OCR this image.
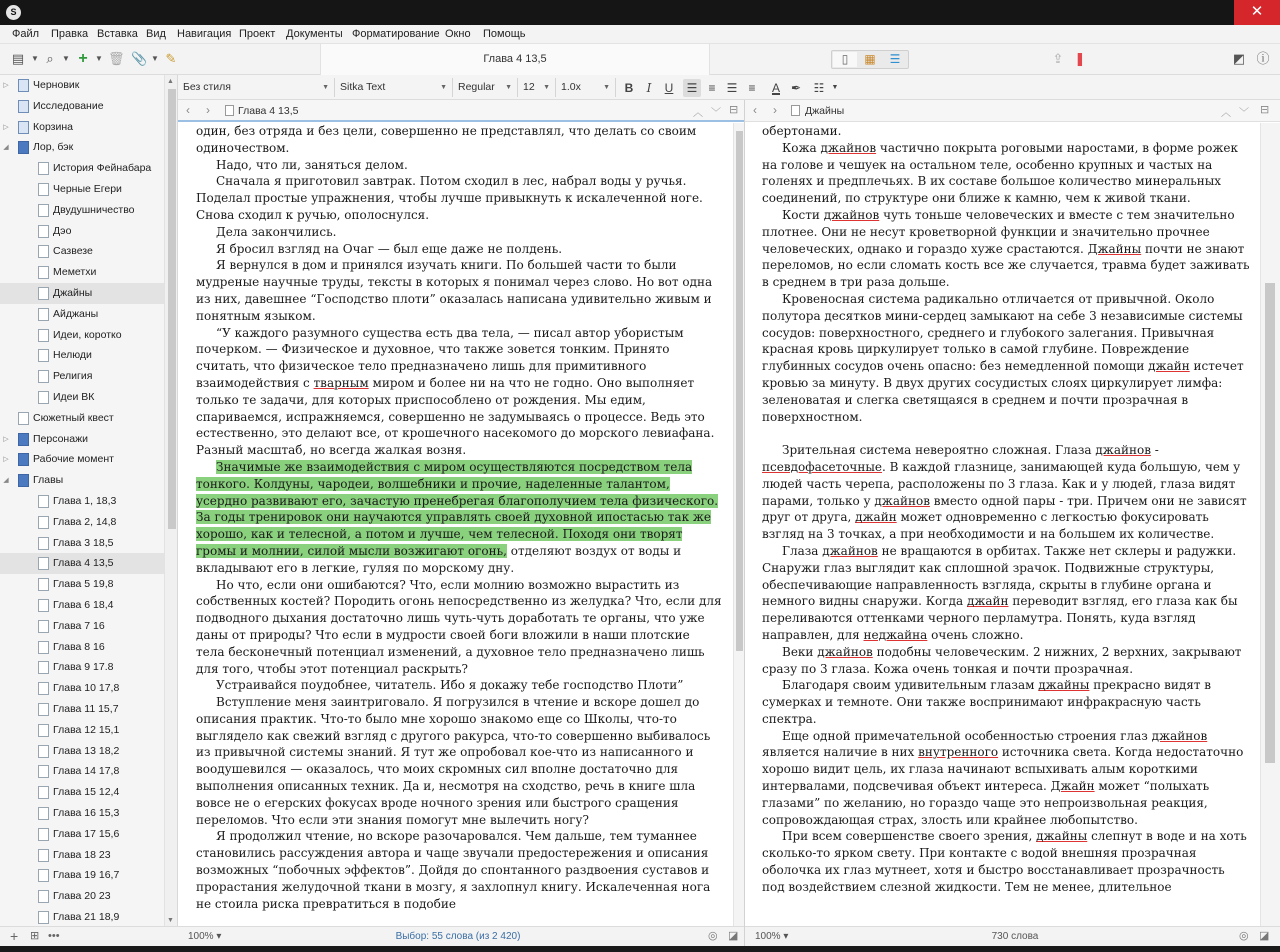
S	✕
Файл Правка Вставка Вид Навигация Проект Документы Форматирование Окно Помощь
▤ ▼ ⌕	▼ + ▼ 🗑 📎 ▼ ✎	Глава 4 13,5	▯	▦	☰	⇪ ❚	◩ ⓘ
▷ Черновик
Исследование
▷ Корзина
◢ Лор, бэк
История Фейнабара
Черные Егери
Двудушничество
Дэо
Сазвезе
Меметхи
Джайны
Айджаны
Идеи, коротко
Нелюди
Религия
Идеи ВК
Сюжетный квест
▷ Персонажи
▷ Рабочие момент
◢ Главы
Глава 1, 18,3
Глава 2, 14,8
Глава 3 18,5
Глава 4 13,5
Глава 5 19,8
Глава 6 18,4
Глава 7 16
Глава 8 16
Глава 9 17.8
Глава 10 17,8
Глава 11 15,7
Глава 12 15,1
Глава 13 18,2
Глава 14 17,8
Глава 15 12,4
Глава 16 15,3
Глава 17 15,6
Глава 18 23
Глава 19 16,7
Глава 20 23
Глава 21 18,9
▲
▼
Без стиля	▼	Sitka Text	▼	Regular ▼	12 ▼	1.0x	▼	B	I	U	☰ ≡ ☰ ≡	A ✒	☷	▼
‹ ›	Глава 4 13,5	︿ ﹀ ⊟ ‹ ›	Джайны	︿ ﹀ ⊟

один, без отряда и без цели, совершенно не представлял, что делать со своим одиночеством.

Надо, что ли, заняться делом.

Сначала я приготовил завтрак. Потом сходил в лес, набрал воды у ручья. Поделал простые упражнения, чтобы лучше привыкнуть к искалеченной ноге. Снова сходил к ручью, ополоснулся.

Дела закончились.

Я бросил взгляд на Очаг — был еще даже не полдень.

Я вернулся в дом и принялся изучать книги. По большей части то были мудреные научные труды, тексты в которых я понимал через слово. Но вот одна из них, давешнее “Господство плоти” оказалась написана удивительно живым и понятным языком.

“У каждого разумного существа есть два тела, — писал автор убористым почерком. — Физическое и духовное, что также зовется тонким. Принято считать, что физическое тело предназначено лишь для примитивного взаимодействия с тварным миром и более ни на что не годно. Оно выполняет только те задачи, для которых приспособлено от рождения. Мы едим, спариваемся, испражняемся, совершенно не задумываясь о процессе. Ведь это естественно, это делают все, от крошечного насекомого до морского левиафана. Разный масштаб, но всегда жалкая возня.

Значимые же взаимодействия с миром осуществляются посредством тела тонкого. Колдуны, чародеи, волшебники и прочие, наделенные талантом, усердно развивают его, зачастую пренебрегая благополучием тела физического. За годы тренировок они научаются управлять своей духовной ипостасью так же хорошо, как и телесной, а потом и лучше, чем телесной. Походя они творят громы и молнии, силой мысли возжигают огонь, отделяют воздух от воды и вкладывают его в легкие, гуляя по морскому дну.

Но что, если они ошибаются? Что, если молнию возможно вырастить из собственных костей? Породить огонь непосредственно из желудка? Что, если для подводного дыхания достаточно лишь чуть-чуть доработать те органы, что уже даны от природы? Что если в мудрости своей боги вложили в наши плотские тела бесконечный потенциал изменений, а духовное тело предназначено лишь для того, чтобы этот потенциал раскрыть?

Устраивайся поудобнее, читатель. Ибо я докажу тебе господство Плоти”

Вступление меня заинтриговало. Я погрузился в чтение и вскоре дошел до описания практик. Что-то было мне хорошо знакомо еще со Школы, что-то выглядело как свежий взгляд с другого ракурса, что-то совершенно выбивалось из привычной системы знаний. Я тут же опробовал кое-что из написанного и воодушевился — оказалось, что моих скромных сил вполне достаточно для выполнения описанных техник. Да и, несмотря на сходство, речь в книге шла вовсе не о егерских фокусах вроде ночного зрения или быстрого сращения переломов. Что если эти знания помогут мне вылечить ногу?

Я продолжил чтение, но вскоре разочаровался. Чем дальше, тем туманнее становились рассуждения автора и чаще звучали предостережения и описания возможных “побочных эффектов”. Дойдя до спонтанного раздвоения суставов и прорастания желудочной ткани в мозгу, я захлопнул книгу. Искалеченная нога не стоила риска превратиться в подобие

обертонами.

Кожа джайнов частично покрыта роговыми наростами, в форме рожек на голове и чешуек на остальном теле, особенно крупных и частых на голенях и предплечьях. В их составе большое количество минеральных соединений, по структуре они ближе к камню, чем к живой ткани.

Кости джайнов чуть тоньше человеческих и вместе с тем значительно плотнее. Они не несут кроветворной функции и значительно прочнее человеческих, однако и гораздо хуже срастаются. Джайны почти не знают переломов, но если сломать кость все же случается, травма будет заживать в среднем в три раза дольше.

Кровеносная система радикально отличается от привычной. Около полутора десятков мини-сердец замыкают на себе 3 независимые системы сосудов: поверхностного, среднего и глубокого залегания. Привычная красная кровь циркулирует только в самой глубине. Повреждение глубинных сосудов очень опасно: без немедленной помощи джайн истечет кровью за минуту. В двух других сосудистых слоях циркулирует лимфа: зеленоватая и слегка светящаяся в среднем и почти прозрачная в поверхностном.

Зрительная система невероятно сложная. Глаза джайнов - псевдофасеточные. В каждой глазнице, занимающей куда большую, чем у людей часть черепа, расположены по 3 глаза. Как и у людей, глаза видят парами, только у джайнов вместо одной пары - три. Причем они не зависят друг от друга, джайн может одновременно с легкостью фокусировать взгляд на 3 точках, а при необходимости и на большем их количестве.

Глаза джайнов не вращаются в орбитах. Также нет склеры и радужки. Снаружи глаз выглядит как сплошной зрачок. Подвижные структуры, обеспечивающие направленность взгляда, скрыты в глубине органа и немного видны снаружи. Когда джайн переводит взгляд, его глаза как бы переливаются оттенками черного перламутра. Понять, куда взгляд направлен, для неджайна очень сложно.

Веки джайнов подобны человеческим. 2 нижних, 2 верхних, закрывают сразу по 3 глаза. Кожа очень тонкая и почти прозрачная.

Благодаря своим удивительным глазам джайны прекрасно видят в сумерках и темноте. Они также воспринимают инфракрасную часть спектра.

Еще одной примечательной особенностью строения глаз джайнов является наличие в них внутренного источника света. Когда недостаточно хорошо видит цель, их глаза начинают вспыхивать алым короткими интервалами, подсвечивая объект интереса. Джайн может “полыхать глазами” по желанию, но гораздо чаще это непроизвольная реакция, сопровождающая страх, злость или крайнее любопытство.

При всем совершенстве своего зрения, джайны слепнут в воде и на хоть сколько-то ярком свету. При контакте с водой внешняя прозрачная оболочка их глаз мутнеет, хотя и быстро восстанавливает прозрачность под воздействием слезной жидкости. Тем не менее, длительное

+ ⊞ •••	100% ▾	Выбор: 55 слова (из 2 420)	◎ ◪ 100% ▾	730 слова	◎ ◪
